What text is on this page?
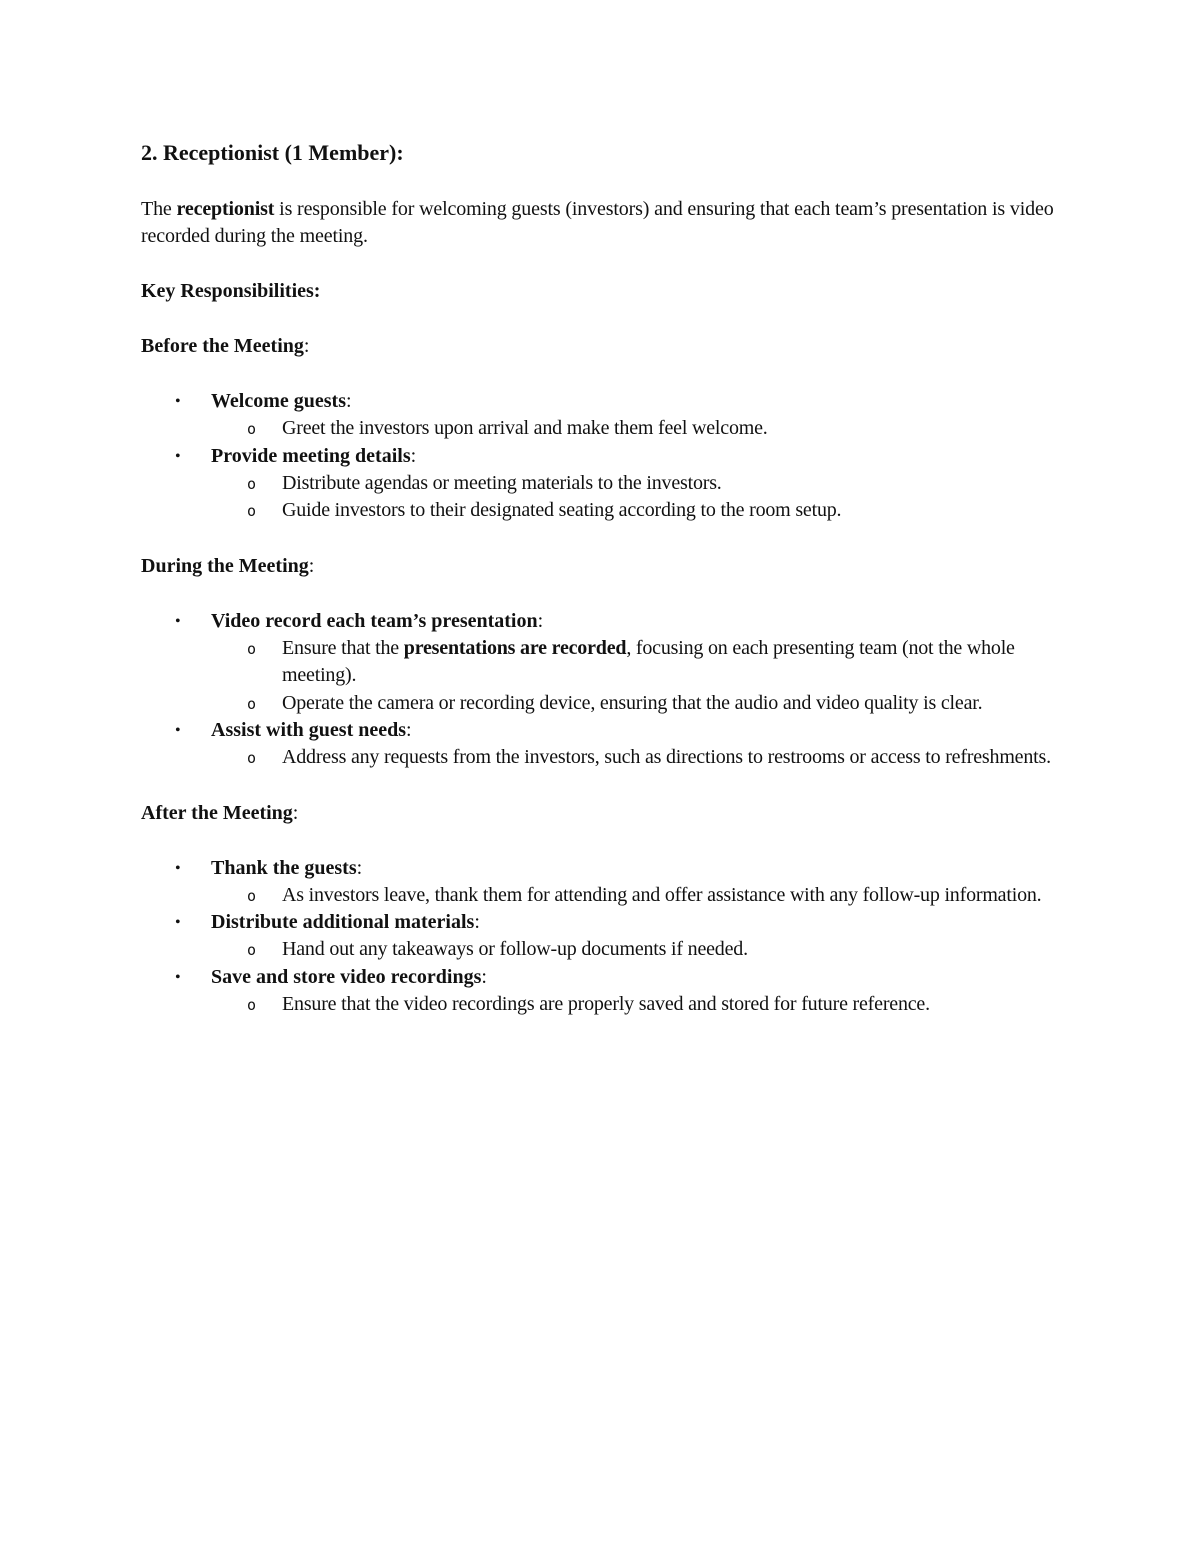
2. Receptionist (1 Member):

The receptionist is responsible for welcoming guests (investors) and ensuring that each team’s presentation is video recorded during the meeting.

Key Responsibilities:

Before the Meeting:

• Welcome guests:
o Greet the investors upon arrival and make them feel welcome.
• Provide meeting details:
o Distribute agendas or meeting materials to the investors.
o Guide investors to their designated seating according to the room setup.

During the Meeting:

• Video record each team’s presentation:
o Ensure that the presentations are recorded, focusing on each presenting team (not the whole meeting).
o Operate the camera or recording device, ensuring that the audio and video quality is clear.
• Assist with guest needs:
o Address any requests from the investors, such as directions to restrooms or access to refreshments.

After the Meeting:

• Thank the guests:
o As investors leave, thank them for attending and offer assistance with any follow-up information.
• Distribute additional materials:
o Hand out any takeaways or follow-up documents if needed.
• Save and store video recordings:
o Ensure that the video recordings are properly saved and stored for future reference.
